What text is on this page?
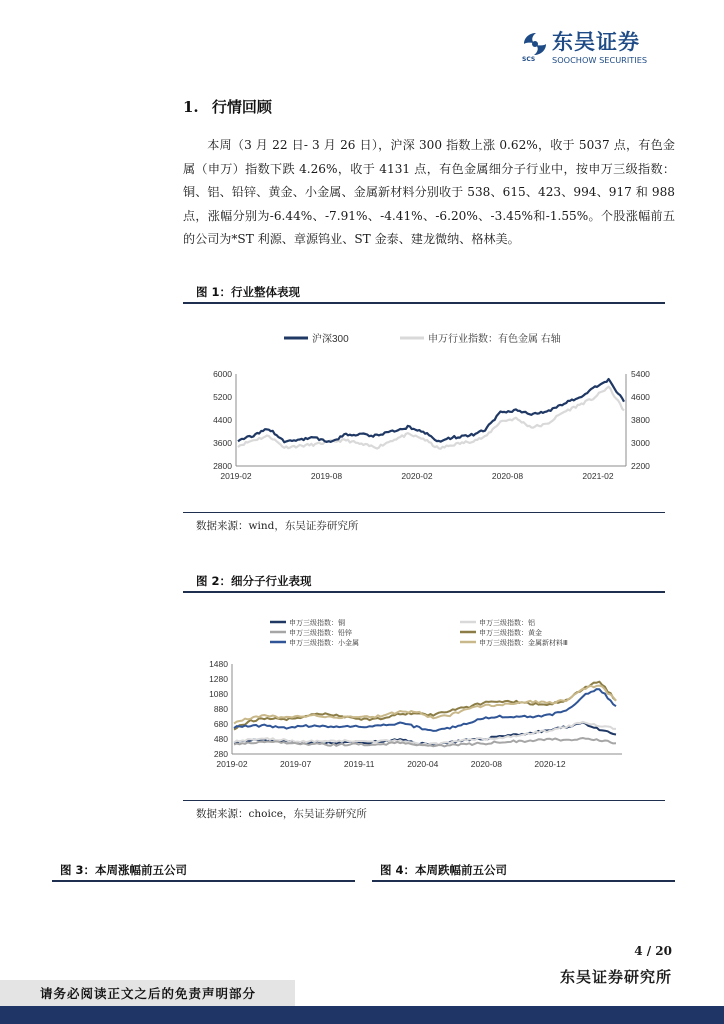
东吴证券
SCS SOOCHOW SECURITIES
1. 行情回顾
本周（3 月 22 日- 3 月 26 日），沪深 300 指数上涨 0.62%，收于 5037 点，有色金属（申万）指数下跌 4.26%，收于 4131 点，有色金属细分子行业中，按申万三级指数：铜、铝、铅锌、黄金、小金属、金属新材料分别收于 538、615、423、994、917 和 988 点，涨幅分别为-6.44%、-7.91%、-4.41%、-6.20%、-3.45%和-1.55%。个股涨幅前五的公司为*ST 利源、章源钨业、ST 金泰、建龙微纳、格林美。
图 1：行业整体表现
沪深300	申万行业指数：有色金属 右轴
6000
5200
4400
3600
2800
5400
4600
3800
3000
2200
2019-02	2019-08	2020-02	2020-08	2021-02
数据来源：wind，东吴证券研究所
图 2：细分子行业表现
申万三级指数：铜	申万三级指数：铝
申万三级指数：铅锌	申万三级指数：黄金
申万三级指数：小金属	申万三级指数：金属新材料Ⅲ
1480
1280
1080
880
680
480
280
2019-02	2019-07	2019-11	2020-04	2020-08	2020-12
数据来源：choice，东吴证券研究所
图 3：本周涨幅前五公司	图 4：本周跌幅前五公司
4 / 20
东吴证券研究所
请务必阅读正文之后的免责声明部分
